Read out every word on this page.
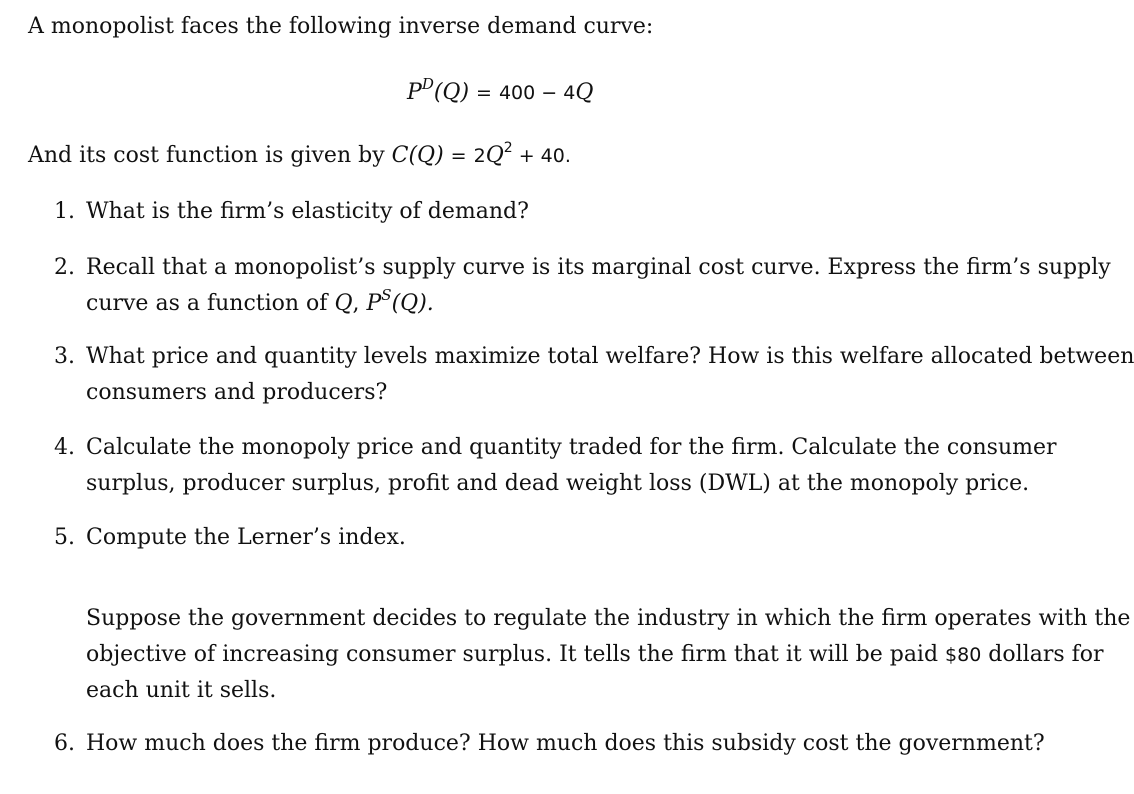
A monopolist faces the following inverse demand curve:
$P^D(Q) = 400 - 4Q$
And its cost function is given by $C(Q) = 2Q^2 + 40$.
1. What is the firm’s elasticity of demand?
2. Recall that a monopolist’s supply curve is its marginal cost curve. Express the firm’s supply
curve as a function of Q, $P^S(Q)$.
3. What price and quantity levels maximize total welfare? How is this welfare allocated between
consumers and producers?
4. Calculate the monopoly price and quantity traded for the firm. Calculate the consumer
surplus, producer surplus, profit and dead weight loss (DWL) at the monopoly price.
5. Compute the Lerner’s index.
Suppose the government decides to regulate the industry in which the firm operates with the
objective of increasing consumer surplus. It tells the firm that it will be paid $80 dollars for
each unit it sells.
6. How much does the firm produce? How much does this subsidy cost the government?
